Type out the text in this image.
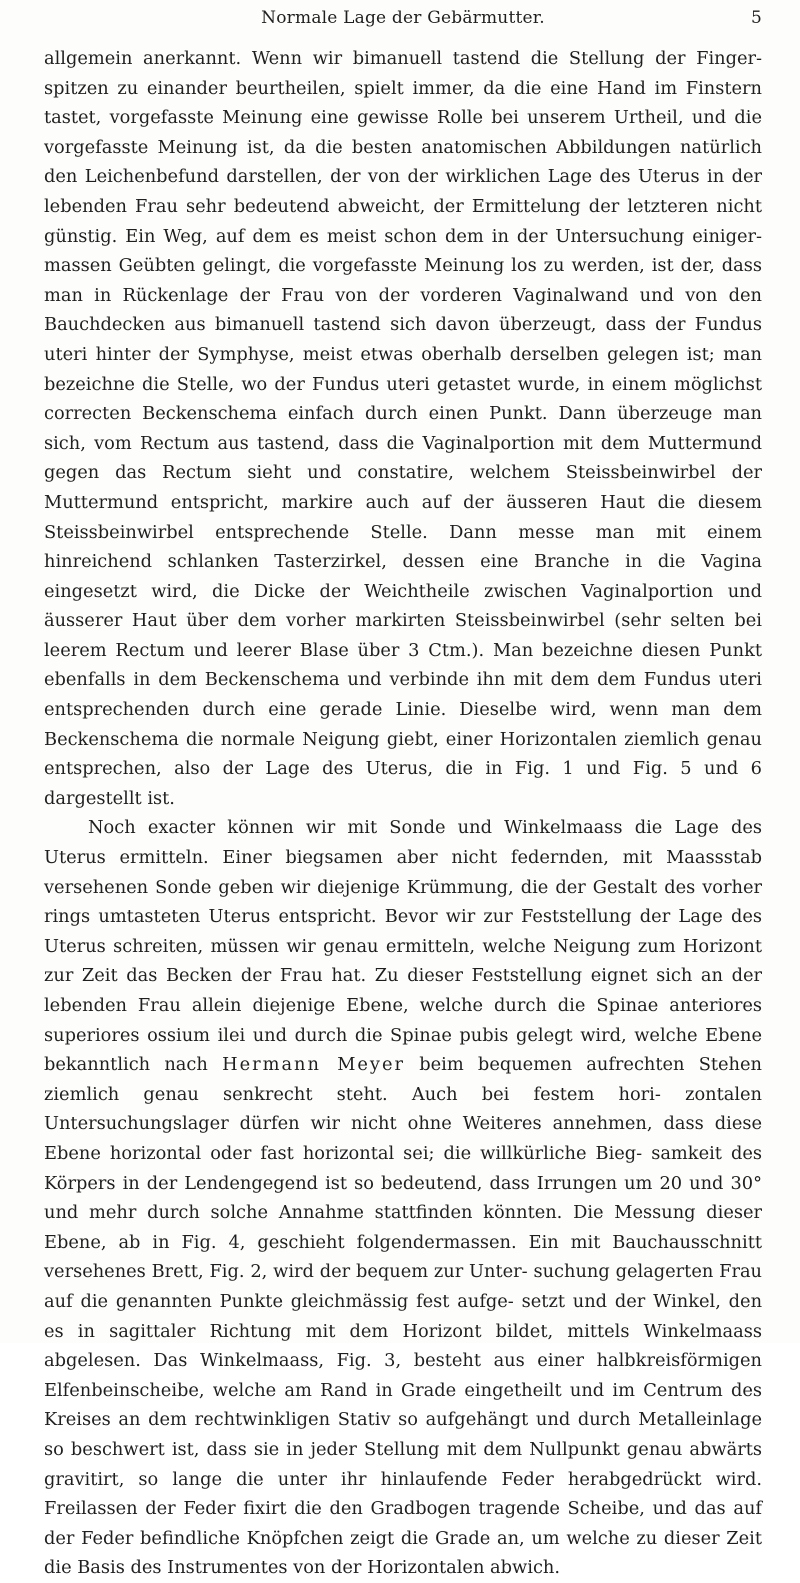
Normale Lage der Gebärmutter.	5

allgemein anerkannt. Wenn wir bimanuell tastend die Stellung der Finger- spitzen zu einander beurtheilen, spielt immer, da die eine Hand im Finstern tastet, vorgefasste Meinung eine gewisse Rolle bei unserem Urtheil, und die vorgefasste Meinung ist, da die besten anatomischen Abbildungen natürlich den Leichenbefund darstellen, der von der wirklichen Lage des Uterus in der lebenden Frau sehr bedeutend abweicht, der Ermittelung der letzteren nicht günstig. Ein Weg, auf dem es meist schon dem in der Untersuchung einiger- massen Geübten gelingt, die vorgefasste Meinung los zu werden, ist der, dass man in Rückenlage der Frau von der vorderen Vaginalwand und von den Bauchdecken aus bimanuell tastend sich davon überzeugt, dass der Fundus uteri hinter der Symphyse, meist etwas oberhalb derselben gelegen ist; man bezeichne die Stelle, wo der Fundus uteri getastet wurde, in einem möglichst correcten Beckenschema einfach durch einen Punkt. Dann überzeuge man sich, vom Rectum aus tastend, dass die Vaginalportion mit dem Muttermund gegen das Rectum sieht und constatire, welchem Steissbeinwirbel der Muttermund entspricht, markire auch auf der äusseren Haut die diesem Steissbeinwirbel entsprechende Stelle. Dann messe man mit einem hinreichend schlanken Tasterzirkel, dessen eine Branche in die Vagina eingesetzt wird, die Dicke der Weichtheile zwischen Vaginalportion und äusserer Haut über dem vorher markirten Steissbeinwirbel (sehr selten bei leerem Rectum und leerer Blase über 3 Ctm.). Man bezeichne diesen Punkt ebenfalls in dem Beckenschema und verbinde ihn mit dem dem Fundus uteri entsprechenden durch eine gerade Linie. Dieselbe wird, wenn man dem Beckenschema die normale Neigung giebt, einer Horizontalen ziemlich genau entsprechen, also der Lage des Uterus, die in Fig. 1 und Fig. 5 und 6 dargestellt ist.

Noch exacter können wir mit Sonde und Winkelmaass die Lage des Uterus ermitteln. Einer biegsamen aber nicht federnden, mit Maassstab versehenen Sonde geben wir diejenige Krümmung, die der Gestalt des vorher rings umtasteten Uterus entspricht. Bevor wir zur Feststellung der Lage des Uterus schreiten, müssen wir genau ermitteln, welche Neigung zum Horizont zur Zeit das Becken der Frau hat. Zu dieser Feststellung eignet sich an der lebenden Frau allein diejenige Ebene, welche durch die Spinae anteriores superiores ossium ilei und durch die Spinae pubis gelegt wird, welche Ebene bekanntlich nach Hermann Meyer beim bequemen aufrechten Stehen ziemlich genau senkrecht steht. Auch bei festem hori- zontalen Untersuchungslager dürfen wir nicht ohne Weiteres annehmen, dass diese Ebene horizontal oder fast horizontal sei; die willkürliche Bieg- samkeit des Körpers in der Lendengegend ist so bedeutend, dass Irrungen um 20 und 30° und mehr durch solche Annahme stattfinden könnten. Die Messung dieser Ebene, ab in Fig. 4, geschieht folgendermassen. Ein mit Bauchausschnitt versehenes Brett, Fig. 2, wird der bequem zur Unter- suchung gelagerten Frau auf die genannten Punkte gleichmässig fest aufge- setzt und der Winkel, den es in sagittaler Richtung mit dem Horizont bildet, mittels Winkelmaass abgelesen. Das Winkelmaass, Fig. 3, besteht aus einer halbkreisförmigen Elfenbeinscheibe, welche am Rand in Grade eingetheilt und im Centrum des Kreises an dem rechtwinkligen Stativ so aufgehängt und durch Metalleinlage so beschwert ist, dass sie in jeder Stellung mit dem Nullpunkt genau abwärts gravitirt, so lange die unter ihr hinlaufende Feder herabgedrückt wird. Freilassen der Feder fixirt die den Gradbogen tragende Scheibe, und das auf der Feder befindliche Knöpfchen zeigt die Grade an, um welche zu dieser Zeit die Basis des Instrumentes von der Horizontalen abwich.
